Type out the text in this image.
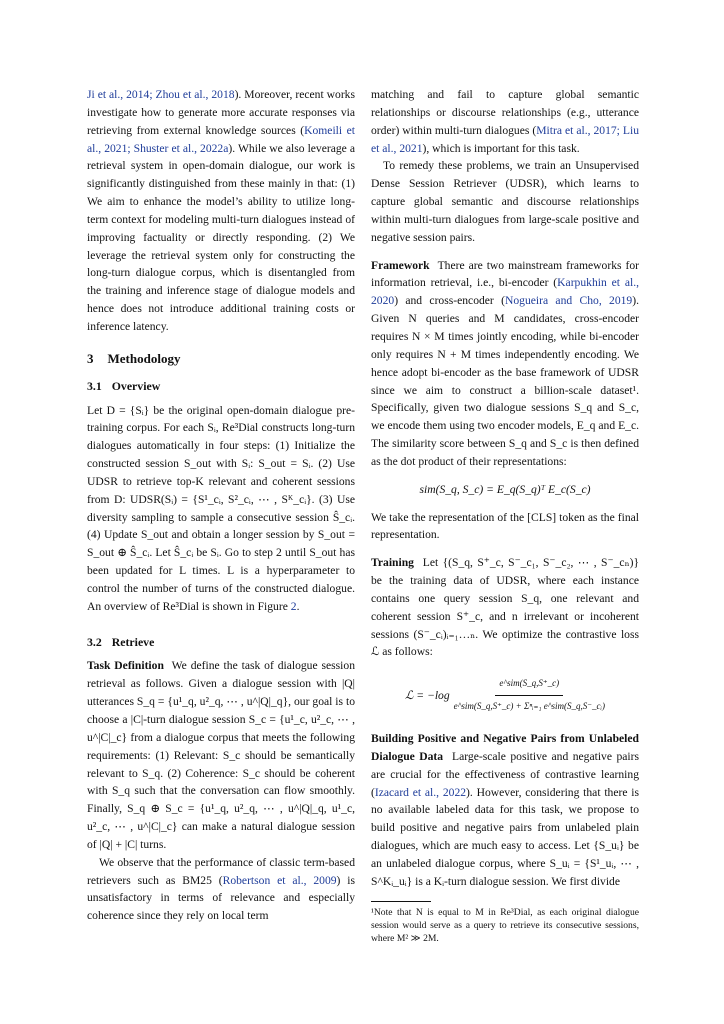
Ji et al., 2014; Zhou et al., 2018). Moreover, recent works investigate how to generate more accurate responses via retrieving from external knowledge sources (Komeili et al., 2021; Shuster et al., 2022a). While we also leverage a retrieval system in open-domain dialogue, our work is significantly distinguished from these mainly in that: (1) We aim to enhance the model’s ability to utilize long-term context for modeling multi-turn dialogues instead of improving factuality or directly responding. (2) We leverage the retrieval system only for constructing the long-turn dialogue corpus, which is disentangled from the training and inference stage of dialogue models and hence does not introduce additional training costs or inference latency.

3 Methodology
3.1 Overview

Let D = {Sᵢ} be the original open-domain dialogue pre-training corpus. For each Sᵢ, Re³Dial constructs long-turn dialogues automatically in four steps: (1) Initialize the constructed session S_out with Sᵢ: S_out = Sᵢ. (2) Use UDSR to retrieve top-K relevant and coherent sessions from D: UDSR(Sᵢ) = {S¹_cᵢ, S²_cᵢ, ⋯ , Sᴷ_cᵢ}. (3) Use diversity sampling to sample a consecutive session Ŝ_cᵢ. (4) Update S_out and obtain a longer session by S_out = S_out ⊕ Ŝ_cᵢ. Let Ŝ_cᵢ be Sᵢ. Go to step 2 until S_out has been updated for L times. L is a hyperparameter to control the number of turns of the constructed dialogue. An overview of Re³Dial is shown in Figure 2.

3.2 Retrieve

Task Definition We define the task of dialogue session retrieval as follows. Given a dialogue session with |Q| utterances S_q = {u¹_q, u²_q, ⋯ , u^|Q|_q}, our goal is to choose a |C|-turn dialogue session S_c = {u¹_c, u²_c, ⋯ , u^|C|_c} from a dialogue corpus that meets the following requirements: (1) Relevant: S_c should be semantically relevant to S_q. (2) Coherence: S_c should be coherent with S_q such that the conversation can flow smoothly. Finally, S_q ⊕ S_c = {u¹_q, u²_q, ⋯ , u^|Q|_q, u¹_c, u²_c, ⋯ , u^|C|_c} can make a natural dialogue session of |Q| + |C| turns.

We observe that the performance of classic term-based retrievers such as BM25 (Robertson et al., 2009) is unsatisfactory in terms of relevance and especially coherence since they rely on local term

matching and fail to capture global semantic relationships or discourse relationships (e.g., utterance order) within multi-turn dialogues (Mitra et al., 2017; Liu et al., 2021), which is important for this task.

To remedy these problems, we train an Unsupervised Dense Session Retriever (UDSR), which learns to capture global semantic and discourse relationships within multi-turn dialogues from large-scale positive and negative session pairs.

Framework There are two mainstream frameworks for information retrieval, i.e., bi-encoder (Karpukhin et al., 2020) and cross-encoder (Nogueira and Cho, 2019). Given N queries and M candidates, cross-encoder requires N × M times jointly encoding, while bi-encoder only requires N + M times independently encoding. We hence adopt bi-encoder as the base framework of UDSR since we aim to construct a billion-scale dataset¹. Specifically, given two dialogue sessions S_q and S_c, we encode them using two encoder models, E_q and E_c. The similarity score between S_q and S_c is then defined as the dot product of their representations:

sim(S_q, S_c) = E_q(S_q)ᵀ E_c(S_c)

We take the representation of the [CLS] token as the final representation.

Training Let {(S_q, S⁺_c, S⁻_c₁, S⁻_c₂, ⋯ , S⁻_cₙ)} be the training data of UDSR, where each instance contains one query session S_q, one relevant and coherent session S⁺_c, and n irrelevant or incoherent sessions (S⁻_cᵢ)ᵢ₌₁…ₙ. We optimize the contrastive loss ℒ as follows:

ℒ = $-\log \frac{\text{e\textasciicircum{}sim(S\_q,S⁺\_c)}}{\text{e\textasciicircum{}sim(S\_q,S⁺\_c) + Σⁿᵢ₌₁ e\textasciicircum{}sim(S\_q,S⁻\_cᵢ)}}$

Building Positive and Negative Pairs from Unlabeled Dialogue Data Large-scale positive and negative pairs are crucial for the effectiveness of contrastive learning (Izacard et al., 2022). However, considering that there is no available labeled data for this task, we propose to build positive and negative pairs from unlabeled plain dialogues, which are much easy to access. Let {S_uᵢ} be an unlabeled dialogue corpus, where S_uᵢ = {S¹_uᵢ, ⋯ , S^Kᵢ_uᵢ} is a Kᵢ-turn dialogue session. We first divide

¹Note that N is equal to M in Re³Dial, as each original dialogue session would serve as a query to retrieve its consecutive sessions, where M² ≫ 2M.
